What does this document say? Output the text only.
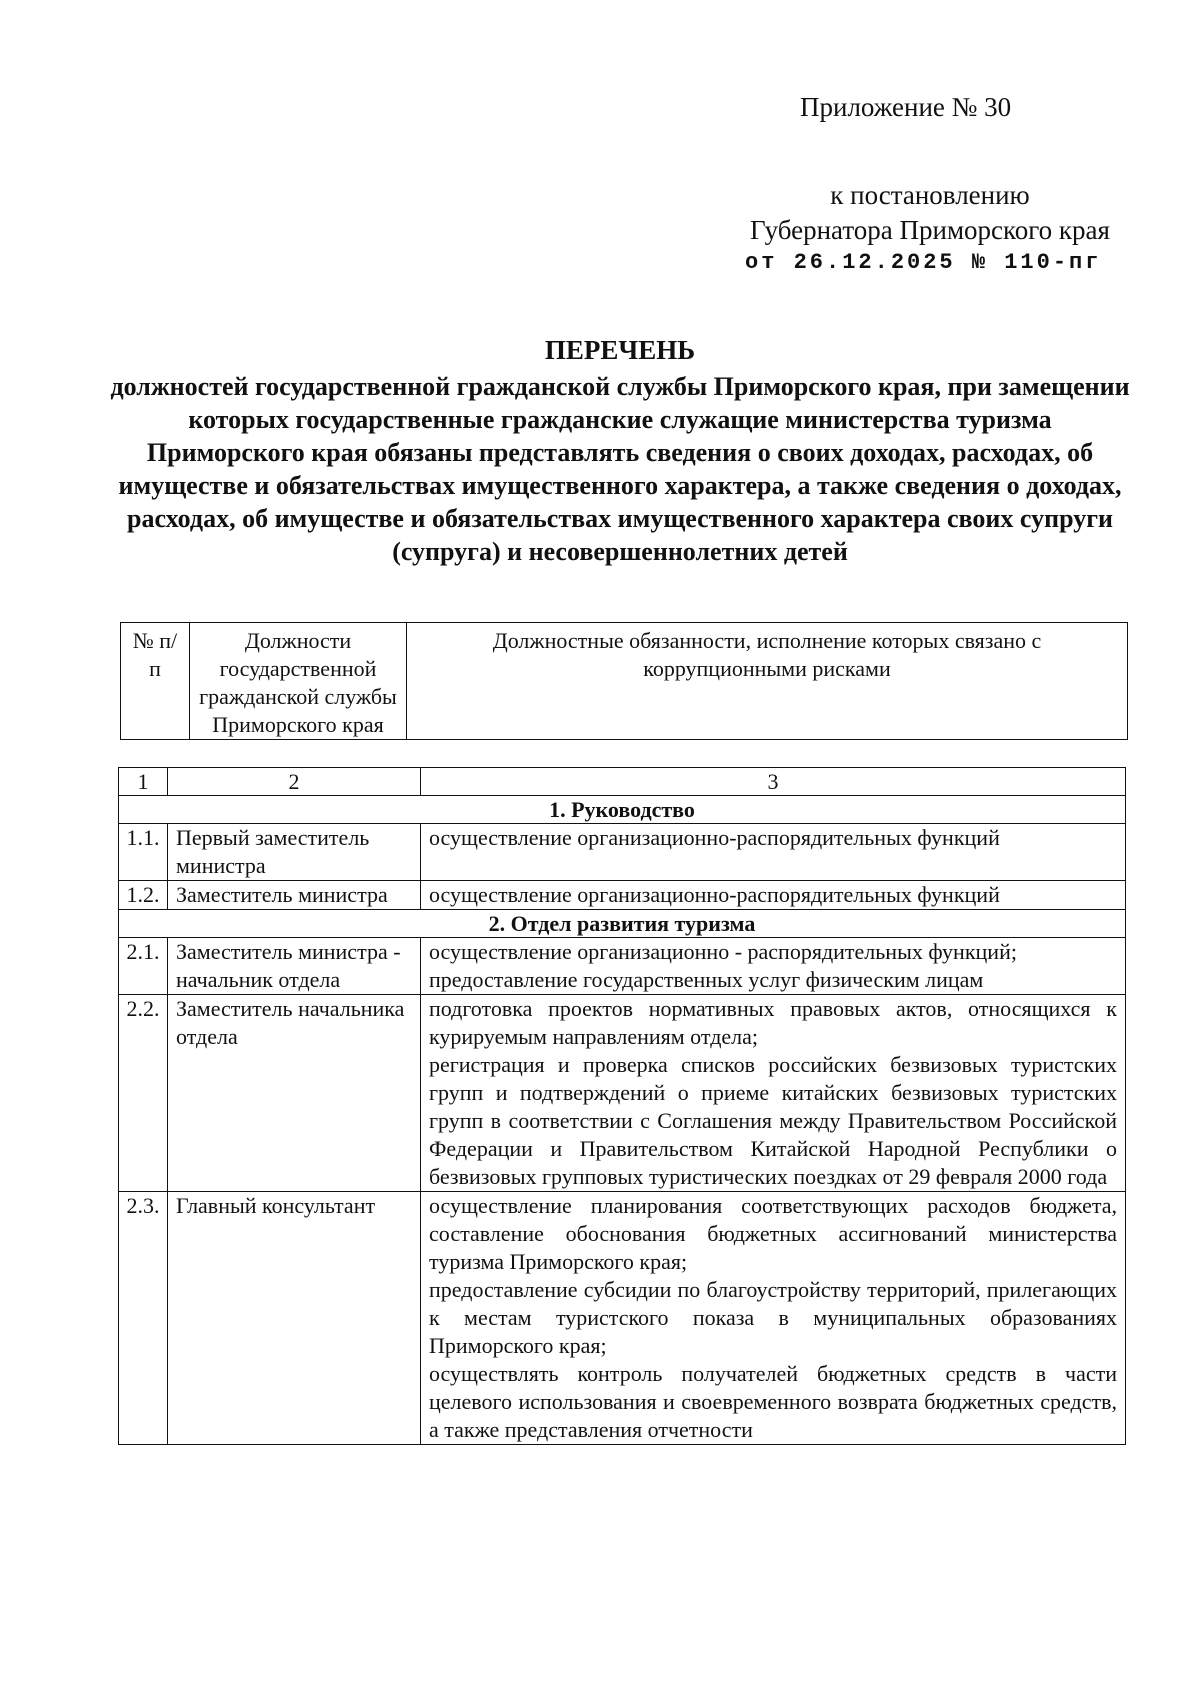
Приложение № 30
к постановлению
Губернатора Приморского края
от 26.12.2025 № 110-пг
ПЕРЕЧЕНЬ
должностей государственной гражданской службы Приморского края, при замещении которых государственные гражданские служащие министерства туризма Приморского края обязаны представлять сведения о своих доходах, расходах, об имуществе и обязательствах имущественного характера, а также сведения о доходах, расходах, об имуществе и обязательствах имущественного характера своих супруги (супруга) и несовершеннолетних детей
№ п/п	Должности государственной гражданской службы Приморского края	Должностные обязанности, исполнение которых связано с коррупционными рисками
1	2	3
1. Руководство		
1.1.	Первый заместитель министра	осуществление организационно-распорядительных функций

1.2.	Заместитель министра	осуществление организационно-распорядительных функций

2. Отдел развития туризма		
2.1.	Заместитель министра - начальник отдела	осуществление организационно - распорядительных функций;
предоставление государственных услуг физическим лицам

2.2.	Заместитель начальника отдела	подготовка проектов нормативных правовых актов, относящихся к курируемым направлениям отдела;
регистрация и проверка списков российских безвизовых туристских групп и подтверждений о приеме китайских безвизовых туристских групп в соответствии с Соглашения между Правительством Российской Федерации и Правительством Китайской Народной Республики о безвизовых групповых туристических поездках от 29 февраля 2000 года

2.3.	Главный консультант	осуществление планирования соответствующих расходов бюджета, составление обоснования бюджетных ассигнований министерства туризма Приморского края;
предоставление субсидии по благоустройству территорий, прилегающих к местам туристского показа в муниципальных образованиях Приморского края;
осуществлять контроль получателей бюджетных средств в части целевого использования и своевременного возврата бюджетных средств, а также представления отчетности
